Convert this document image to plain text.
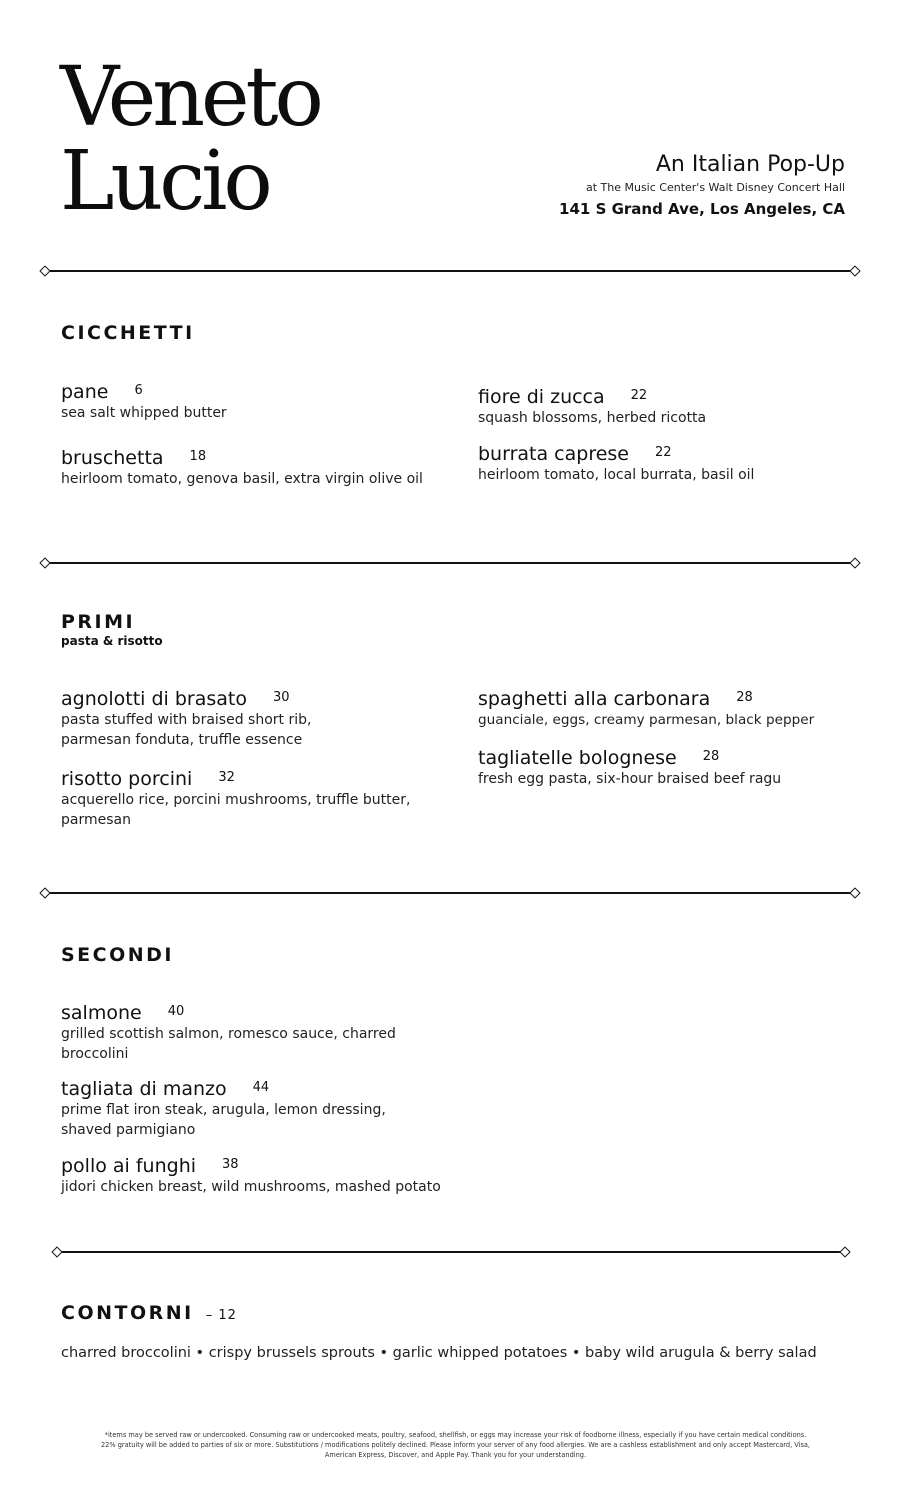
Veneto
Lucio	An Italian Pop-Up
at The Music Center's Walt Disney Concert Hall
141 S Grand Ave, Los Angeles, CA
CICCHETTI
pane 6
sea salt whipped butter
bruschetta 18
heirloom tomato, genova basil, extra virgin olive oil
fiore di zucca 22
squash blossoms, herbed ricotta
burrata caprese 22
heirloom tomato, local burrata, basil oil
PRIMI
pasta & risotto
agnolotti di brasato 30
pasta stuffed with braised short rib, parmesan fonduta, truffle essence
risotto porcini 32
acquerello rice, porcini mushrooms, truffle butter, parmesan
spaghetti alla carbonara 28
guanciale, eggs, creamy parmesan, black pepper
tagliatelle bolognese 28
fresh egg pasta, six-hour braised beef ragu
SECONDI
salmone 40
grilled scottish salmon, romesco sauce, charred broccolini
tagliata di manzo 44
prime flat iron steak, arugula, lemon dressing, shaved parmigiano
pollo ai funghi 38
jidori chicken breast, wild mushrooms, mashed potato
CONTORNI – 12
charred broccolini • crispy brussels sprouts • garlic whipped potatoes • baby wild arugula & berry salad
*items may be served raw or undercooked. Consuming raw or undercooked meats, poultry, seafood, shellfish, or eggs may increase your risk of foodborne illness, especially if you have certain medical conditions.
22% gratuity will be added to parties of six or more. Substitutions / modifications politely declined. Please inform your server of any food allergies. We are a cashless establishment and only accept Mastercard, Visa,
American Express, Discover, and Apple Pay. Thank you for your understanding.
